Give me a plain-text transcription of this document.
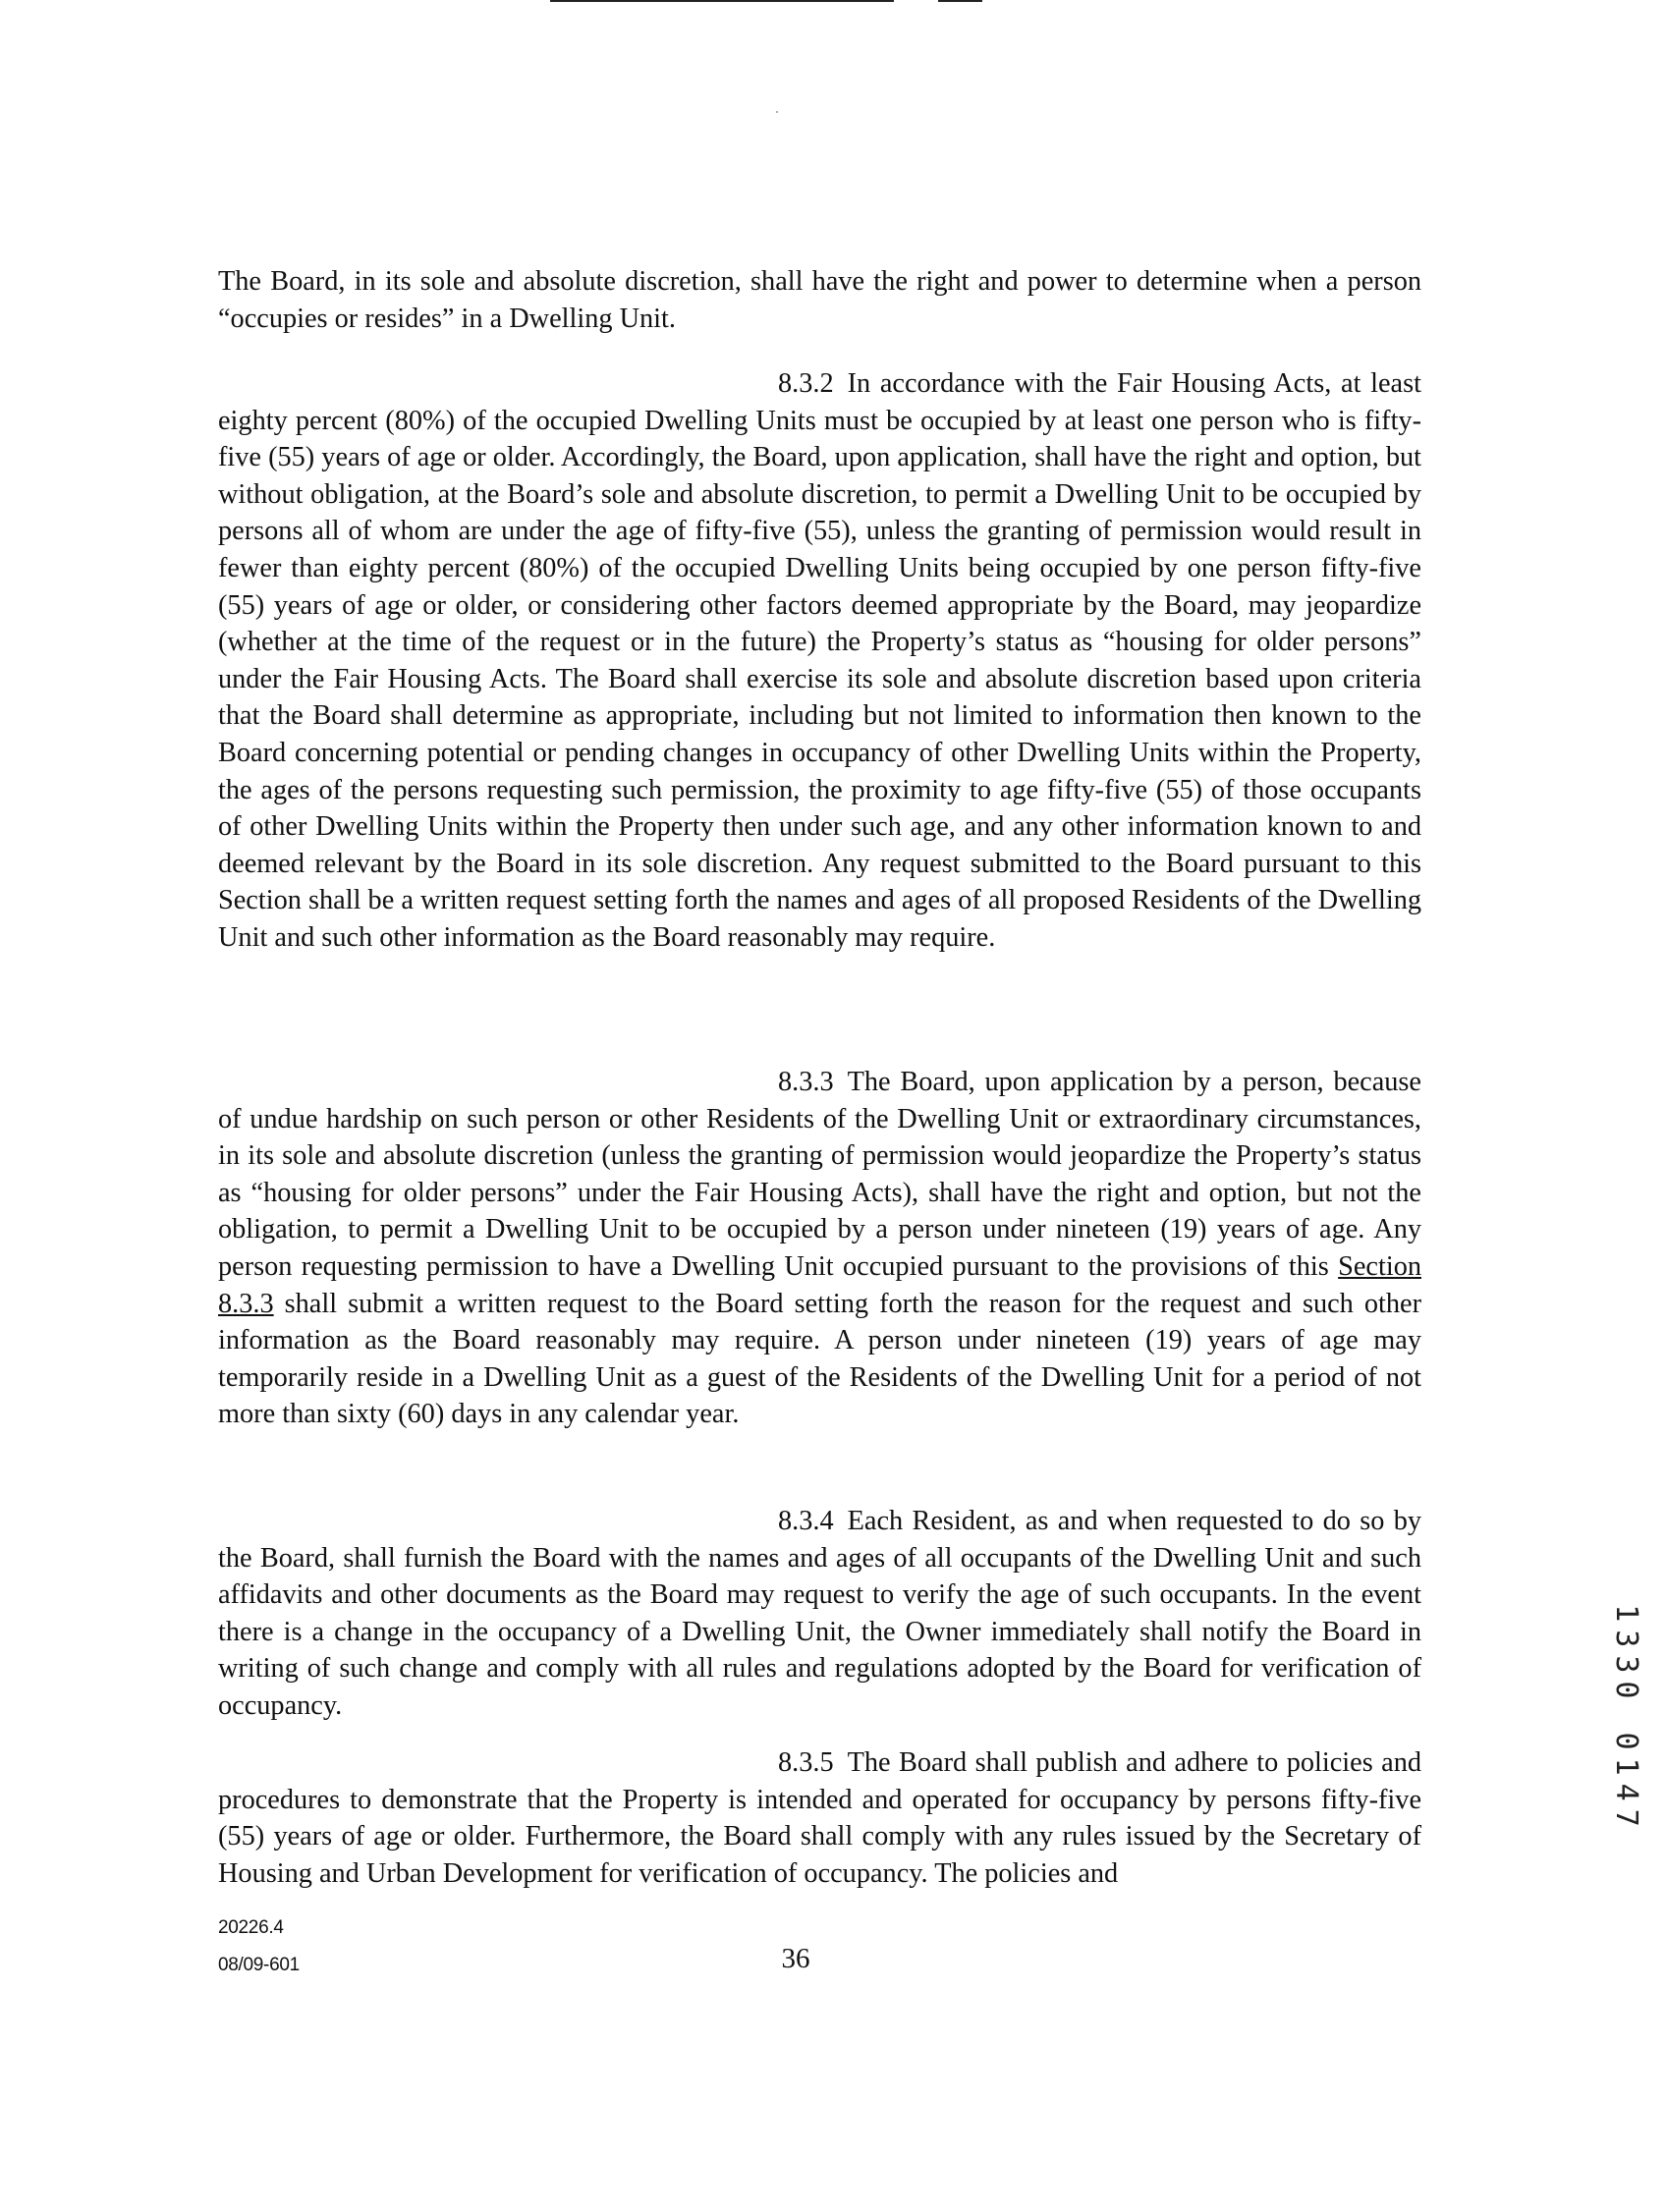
The Board, in its sole and absolute discretion, shall have the right and power to determine when a person “occupies or resides” in a Dwelling Unit.

8.3.2 In accordance with the Fair Housing Acts, at least eighty percent (80%) of the occupied Dwelling Units must be occupied by at least one person who is fifty-five (55) years of age or older. Accordingly, the Board, upon application, shall have the right and option, but without obligation, at the Board’s sole and absolute discretion, to permit a Dwelling Unit to be occupied by persons all of whom are under the age of fifty-five (55), unless the granting of permission would result in fewer than eighty percent (80%) of the occupied Dwelling Units being occupied by one person fifty-five (55) years of age or older, or considering other factors deemed appropriate by the Board, may jeopardize (whether at the time of the request or in the future) the Property’s status as “housing for older persons” under the Fair Housing Acts. The Board shall exercise its sole and absolute discretion based upon criteria that the Board shall determine as appropriate, including but not limited to information then known to the Board concerning potential or pending changes in occupancy of other Dwelling Units within the Property, the ages of the persons requesting such permission, the proximity to age fifty-five (55) of those occupants of other Dwelling Units within the Property then under such age, and any other information known to and deemed relevant by the Board in its sole discretion. Any request submitted to the Board pursuant to this Section shall be a written request setting forth the names and ages of all proposed Residents of the Dwelling Unit and such other information as the Board reasonably may require.

8.3.3 The Board, upon application by a person, because of undue hardship on such person or other Residents of the Dwelling Unit or extraordinary circumstances, in its sole and absolute discretion (unless the granting of permission would jeopardize the Property’s status as “housing for older persons” under the Fair Housing Acts), shall have the right and option, but not the obligation, to permit a Dwelling Unit to be occupied by a person under nineteen (19) years of age. Any person requesting permission to have a Dwelling Unit occupied pursuant to the provisions of this Section 8.3.3 shall submit a written request to the Board setting forth the reason for the request and such other information as the Board reasonably may require. A person under nineteen (19) years of age may temporarily reside in a Dwelling Unit as a guest of the Residents of the Dwelling Unit for a period of not more than sixty (60) days in any calendar year.

8.3.4 Each Resident, as and when requested to do so by the Board, shall furnish the Board with the names and ages of all occupants of the Dwelling Unit and such affidavits and other documents as the Board may request to verify the age of such occupants. In the event there is a change in the occupancy of a Dwelling Unit, the Owner immediately shall notify the Board in writing of such change and comply with all rules and regulations adopted by the Board for verification of occupancy.

8.3.5 The Board shall publish and adhere to policies and procedures to demonstrate that the Property is intended and operated for occupancy by persons fifty-five (55) years of age or older. Furthermore, the Board shall comply with any rules issued by the Secretary of Housing and Urban Development for verification of occupancy. The policies and

20226.4
08/09-601	36
1330 0147
